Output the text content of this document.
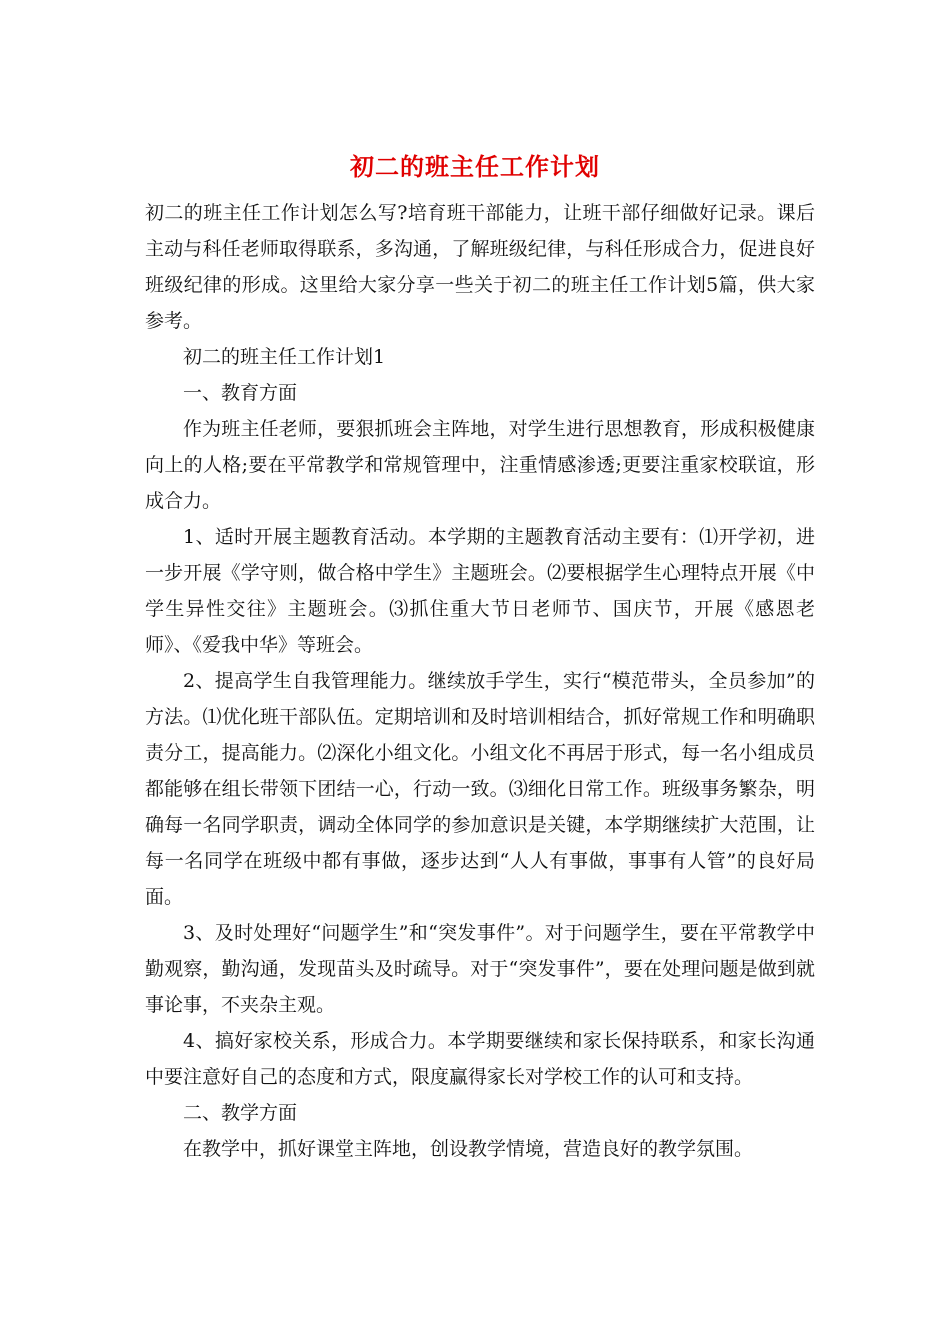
初二的班主任工作计划

初二的班主任工作计划怎么写?培育班干部能力，让班干部仔细做好记录。课后主动与科任老师取得联系，多沟通，了解班级纪律，与科任形成合力，促进良好班级纪律的形成。这里给大家分享一些关于初二的班主任工作计划5篇，供大家参考。

初二的班主任工作计划1

一、教育方面

作为班主任老师，要狠抓班会主阵地，对学生进行思想教育，形成积极健康向上的人格;要在平常教学和常规管理中，注重情感渗透;更要注重家校联谊，形成合力。

1、适时开展主题教育活动。本学期的主题教育活动主要有：⑴开学初，进一步开展《学守则，做合格中学生》主题班会。⑵要根据学生心理特点开展《中学生异性交往》主题班会。⑶抓住重大节日老师节、国庆节，开展《感恩老师》、《爱我中华》等班会。

2、提高学生自我管理能力。继续放手学生，实行“模范带头，全员参加”的方法。⑴优化班干部队伍。定期培训和及时培训相结合，抓好常规工作和明确职责分工，提高能力。⑵深化小组文化。小组文化不再居于形式，每一名小组成员都能够在组长带领下团结一心，行动一致。⑶细化日常工作。班级事务繁杂，明确每一名同学职责，调动全体同学的参加意识是关键，本学期继续扩大范围，让每一名同学在班级中都有事做，逐步达到“人人有事做，事事有人管”的良好局面。

3、及时处理好“问题学生”和“突发事件”。对于问题学生，要在平常教学中勤观察，勤沟通，发现苗头及时疏导。对于“突发事件”，要在处理问题是做到就事论事，不夹杂主观。

4、搞好家校关系，形成合力。本学期要继续和家长保持联系，和家长沟通中要注意好自己的态度和方式，限度赢得家长对学校工作的认可和支持。

二、教学方面

在教学中，抓好课堂主阵地，创设教学情境，营造良好的教学氛围。
